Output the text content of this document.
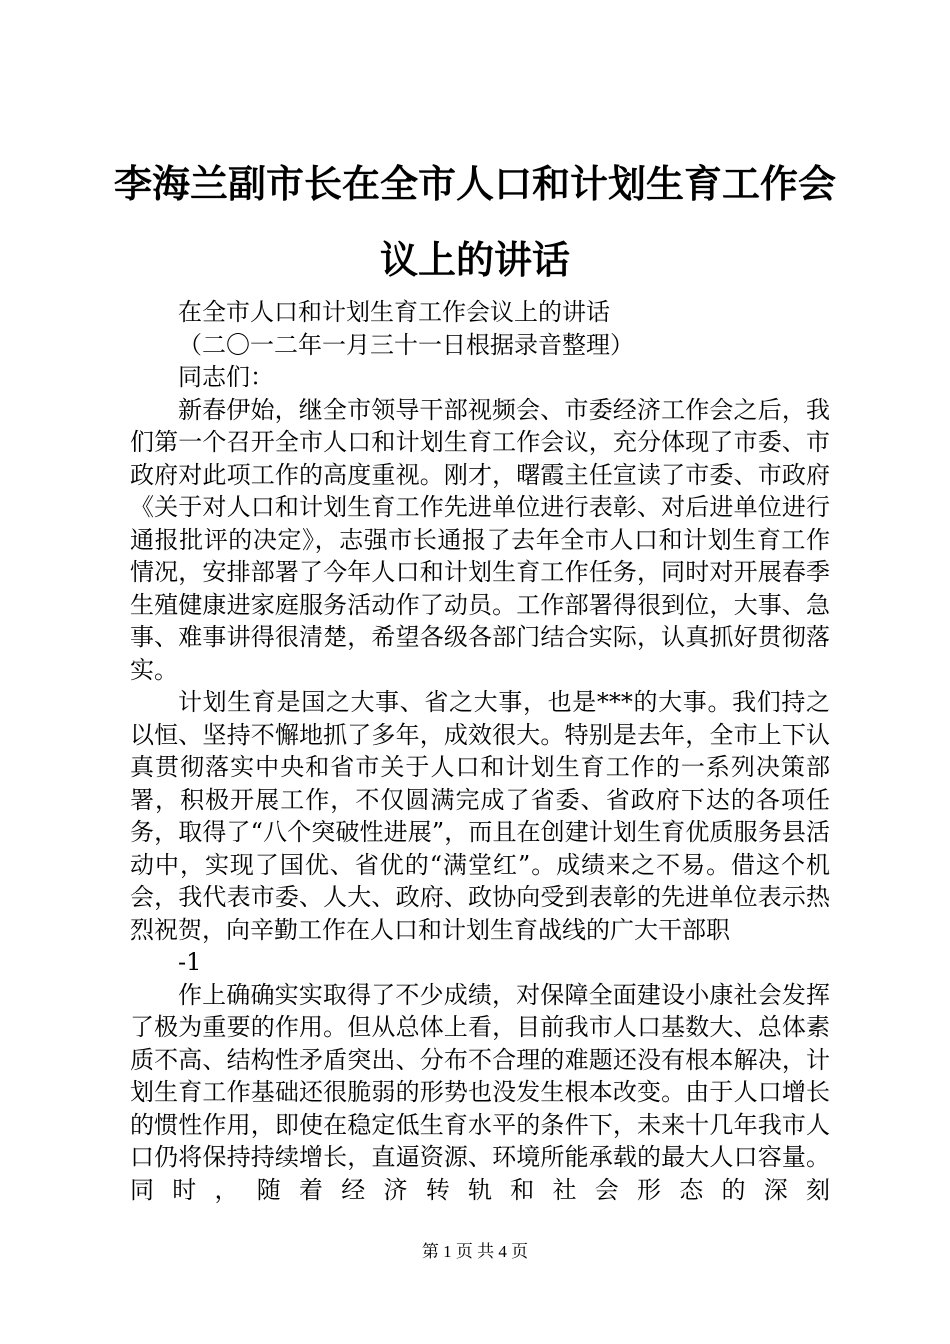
李海兰副市长在全市人口和计划生育工作会议上的讲话

在全市人口和计划生育工作会议上的讲话

（二〇一二年一月三十一日根据录音整理）

同志们：

新春伊始，继全市领导干部视频会、市委经济工作会之后，我们第一个召开全市人口和计划生育工作会议，充分体现了市委、市政府对此项工作的高度重视。刚才，曙霞主任宣读了市委、市政府《关于对人口和计划生育工作先进单位进行表彰、对后进单位进行通报批评的决定》，志强市长通报了去年全市人口和计划生育工作情况，安排部署了今年人口和计划生育工作任务，同时对开展春季生殖健康进家庭服务活动作了动员。工作部署得很到位，大事、急事、难事讲得很清楚，希望各级各部门结合实际，认真抓好贯彻落实。

计划生育是国之大事、省之大事，也是***的大事。我们持之以恒、坚持不懈地抓了多年，成效很大。特别是去年，全市上下认真贯彻落实中央和省市关于人口和计划生育工作的一系列决策部署，积极开展工作，不仅圆满完成了省委、省政府下达的各项任务，取得了“八个突破性进展”，而且在创建计划生育优质服务县活动中，实现了国优、省优的“满堂红”。成绩来之不易。借这个机会，我代表市委、人大、政府、政协向受到表彰的先进单位表示热烈祝贺，向辛勤工作在人口和计划生育战线的广大干部职

-1

作上确确实实取得了不少成绩，对保障全面建设小康社会发挥了极为重要的作用。但从总体上看，目前我市人口基数大、总体素质不高、结构性矛盾突出、分布不合理的难题还没有根本解决，计划生育工作基础还很脆弱的形势也没发生根本改变。由于人口增长的惯性作用，即使在稳定低生育水平的条件下，未来十几年我市人口仍将保持持续增长，直逼资源、环境所能承载的最大人口容量。同时，随着经济转轨和社会形态的深刻

第 1 页 共 4 页
